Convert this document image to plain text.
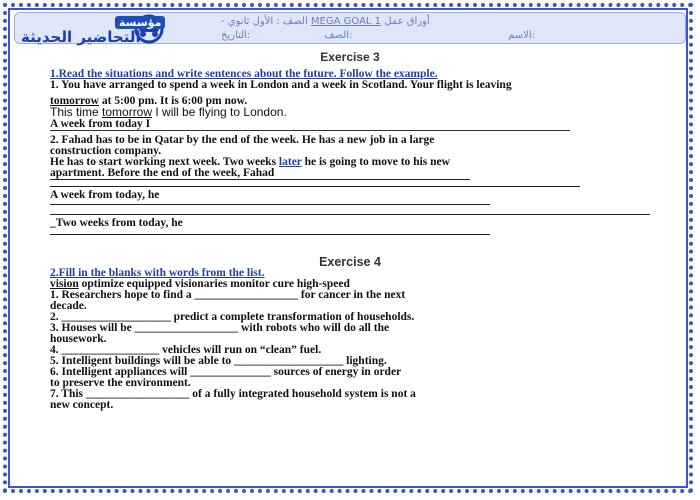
مؤسسة
التحاضير الحديثة
- الصف : الأول ثانوي MEGA GOAL 1 أوراق عمل
التاريخ:	الصف:	الاسم:
Exercise 3
1.Read the situations and write sentences about the future. Follow the example.
1. You have arranged to spend a week in London and a week in Scotland. Your flight is leaving
tomorrow at 5:00 pm. It is 6:00 pm now.
This time tomorrow I will be flying to London.
A week from today I
2. Fahad has to be in Qatar by the end of the week. He has a new job in a large
construction company.
He has to start working next week. Two weeks later he is going to move to his new
apartment. Before the end of the week, Fahad
A week from today, he
_Two weeks from today, he
Exercise 4
2.Fill in the blanks with words from the list.
vision optimize equipped visionaries monitor cure high-speed
1. Researchers hope to find a __________________ for cancer in the next
decade.
2. ___________________ predict a complete transformation of households.
3. Houses will be __________________ with robots who will do all the
housework.
4. _________________ vehicles will run on “clean” fuel.
5. Intelligent buildings will be able to ___________________ lighting.
6. Intelligent appliances will ______________ sources of energy in order
to preserve the environment.
7. This __________________ of a fully integrated household system is not a
new concept.
